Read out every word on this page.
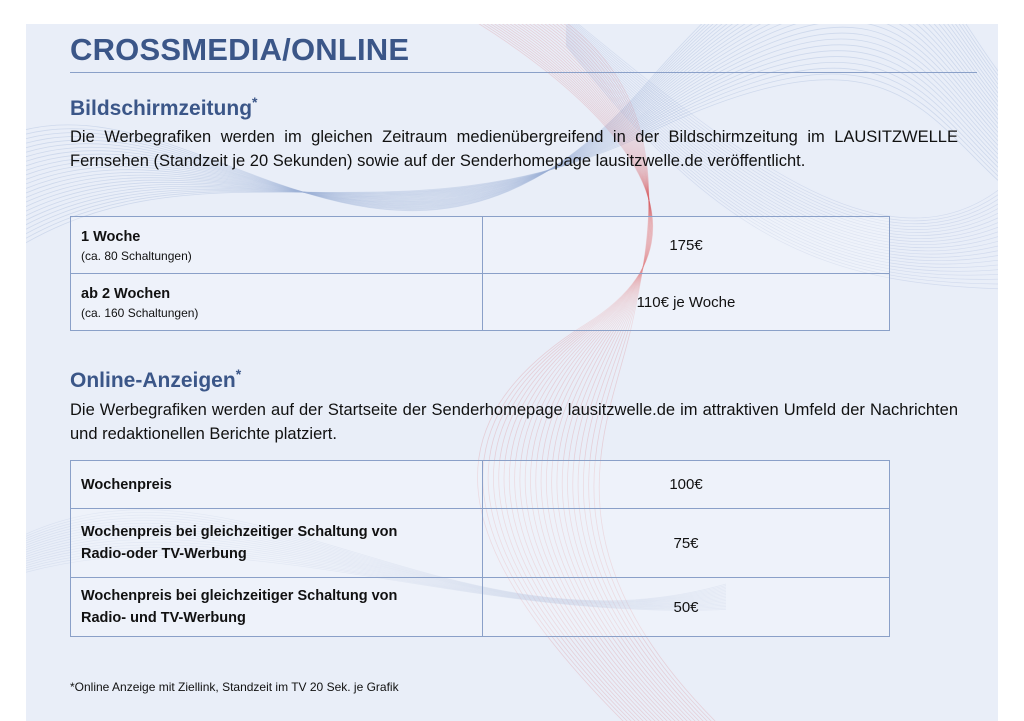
CROSSMEDIA/ONLINE
Bildschirmzeitung*
Die Werbegrafiken werden im gleichen Zeitraum medienübergreifend in der Bildschirmzeitung im LAUSITZWELLE Fernsehen (Standzeit je 20 Sekunden) sowie auf der Senderhomepage lausitzwelle.de veröffentlicht.
1 Woche
(ca. 80 Schaltungen)	175€

ab 2 Wochen
(ca. 160 Schaltungen)	110€ je Woche
Online-Anzeigen*
Die Werbegrafiken werden auf der Startseite der Senderhomepage lausitzwelle.de im attraktiven Umfeld der Nachrichten und redaktionellen Berichte platziert.
Wochenpreis	100€

Wochenpreis bei gleichzeitiger Schaltung von
Radio-oder TV-Werbung	75€

Wochenpreis bei gleichzeitiger Schaltung von
Radio- und TV-Werbung	50€
*Online Anzeige mit Ziellink, Standzeit im TV 20 Sek. je Grafik
